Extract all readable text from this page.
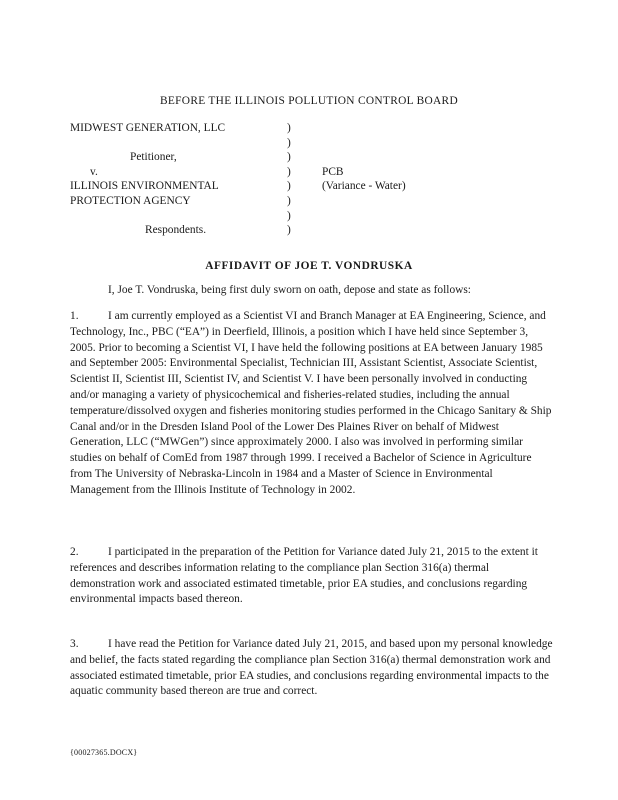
BEFORE THE ILLINOIS POLLUTION CONTROL BOARD
MIDWEST GENERATION, LLC	)
)
Petitioner,	)
v.	)	PCB
ILLINOIS ENVIRONMENTAL	)	(Variance - Water)
PROTECTION AGENCY	)
)
Respondents.	)
AFFIDAVIT OF JOE T. VONDRUSKA
I, Joe T. Vondruska, being first duly sworn on oath, depose and state as follows:
1.	I am currently employed as a Scientist VI and Branch Manager at EA Engineering, Science, and Technology, Inc., PBC (“EA”) in Deerfield, Illinois, a position which I have held since September 3, 2005. Prior to becoming a Scientist VI, I have held the following positions at EA between January 1985 and September 2005: Environmental Specialist, Technician III, Assistant Scientist, Associate Scientist, Scientist II, Scientist III, Scientist IV, and Scientist V. I have been personally involved in conducting and/or managing a variety of physicochemical and fisheries-related studies, including the annual temperature/dissolved oxygen and fisheries monitoring studies performed in the Chicago Sanitary & Ship Canal and/or in the Dresden Island Pool of the Lower Des Plaines River on behalf of Midwest Generation, LLC (“MWGen”) since approximately 2000. I also was involved in performing similar studies on behalf of ComEd from 1987 through 1999. I received a Bachelor of Science in Agriculture from The University of Nebraska-Lincoln in 1984 and a Master of Science in Environmental Management from the Illinois Institute of Technology in 2002.
2.	I participated in the preparation of the Petition for Variance dated July 21, 2015 to the extent it references and describes information relating to the compliance plan Section 316(a) thermal demonstration work and associated estimated timetable, prior EA studies, and conclusions regarding environmental impacts based thereon.
3.	I have read the Petition for Variance dated July 21, 2015, and based upon my personal knowledge and belief, the facts stated regarding the compliance plan Section 316(a) thermal demonstration work and associated estimated timetable, prior EA studies, and conclusions regarding environmental impacts to the aquatic community based thereon are true and correct.
{00027365.DOCX}
